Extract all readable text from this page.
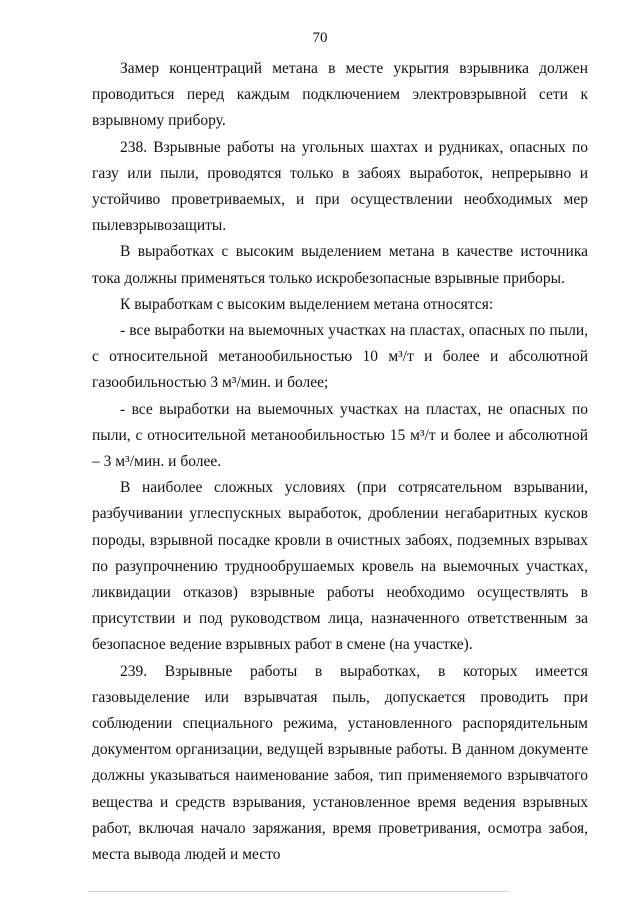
70

Замер концентраций метана в месте укрытия взрывника должен проводиться перед каждым подключением электровзрывной сети к взрывному прибору.

238. Взрывные работы на угольных шахтах и рудниках, опасных по газу или пыли, проводятся только в забоях выработок, непрерывно и устойчиво проветриваемых, и при осуществлении необходимых мер пылевзрывозащиты.

В выработках с высоким выделением метана в качестве источника тока должны применяться только искробезопасные взрывные приборы.

К выработкам с высоким выделением метана относятся:

- все выработки на выемочных участках на пластах, опасных по пыли, с относительной метанообильностью 10 м³/т и более и абсолютной газообильностью 3 м³/мин. и более;

- все выработки на выемочных участках на пластах, не опасных по пыли, с относительной метанообильностью 15 м³/т и более и абсолютной – 3 м³/мин. и более.

В наиболее сложных условиях (при сотрясательном взрывании, разбучивании углеспускных выработок, дроблении негабаритных кусков породы, взрывной посадке кровли в очистных забоях, подземных взрывах по разупрочнению труднообрушаемых кровель на выемочных участках, ликвидации отказов) взрывные работы необходимо осуществлять в присутствии и под руководством лица, назначенного ответственным за безопасное ведение взрывных работ в смене (на участке).

239. Взрывные работы в выработках, в которых имеется газовыделение или взрывчатая пыль, допускается проводить при соблюдении специального режима, установленного распорядительным документом организации, ведущей взрывные работы. В данном документе должны указываться наименование забоя, тип применяемого взрывчатого вещества и средств взрывания, установленное время ведения взрывных работ, включая начало заряжания, время проветривания, осмотра забоя, места вывода людей и место
